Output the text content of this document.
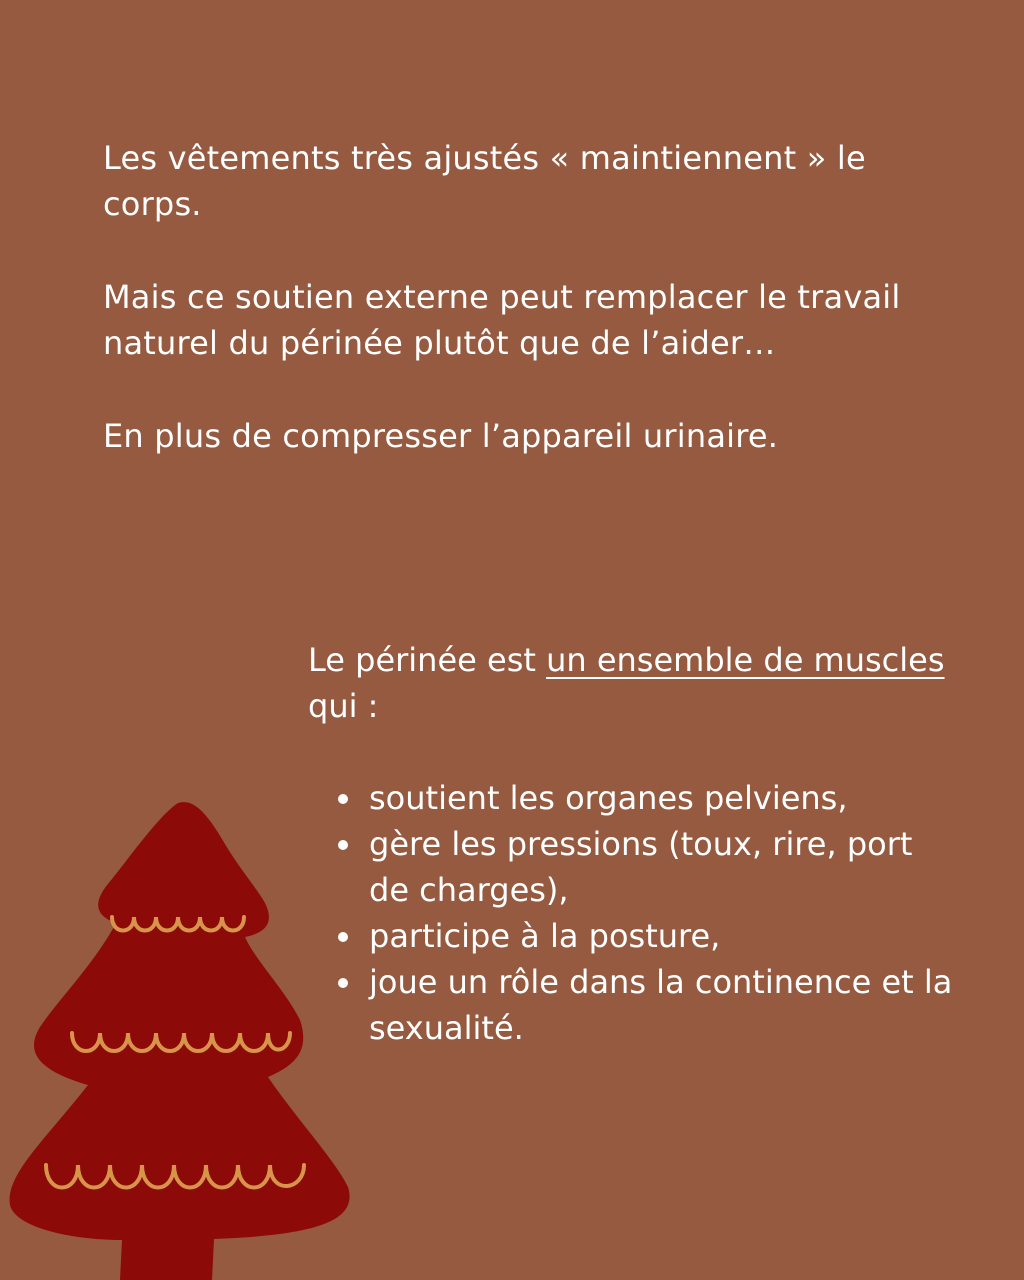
Les vêtements très ajustés « maintiennent » le corps.

Mais ce soutien externe peut remplacer le travail naturel du périnée plutôt que de l’aider…

En plus de compresser l’appareil urinaire.

Le périnée est un ensemble de muscles qui :

soutient les organes pelviens,
gère les pressions (toux, rire, port de charges),
participe à la posture,
joue un rôle dans la continence et la sexualité.
